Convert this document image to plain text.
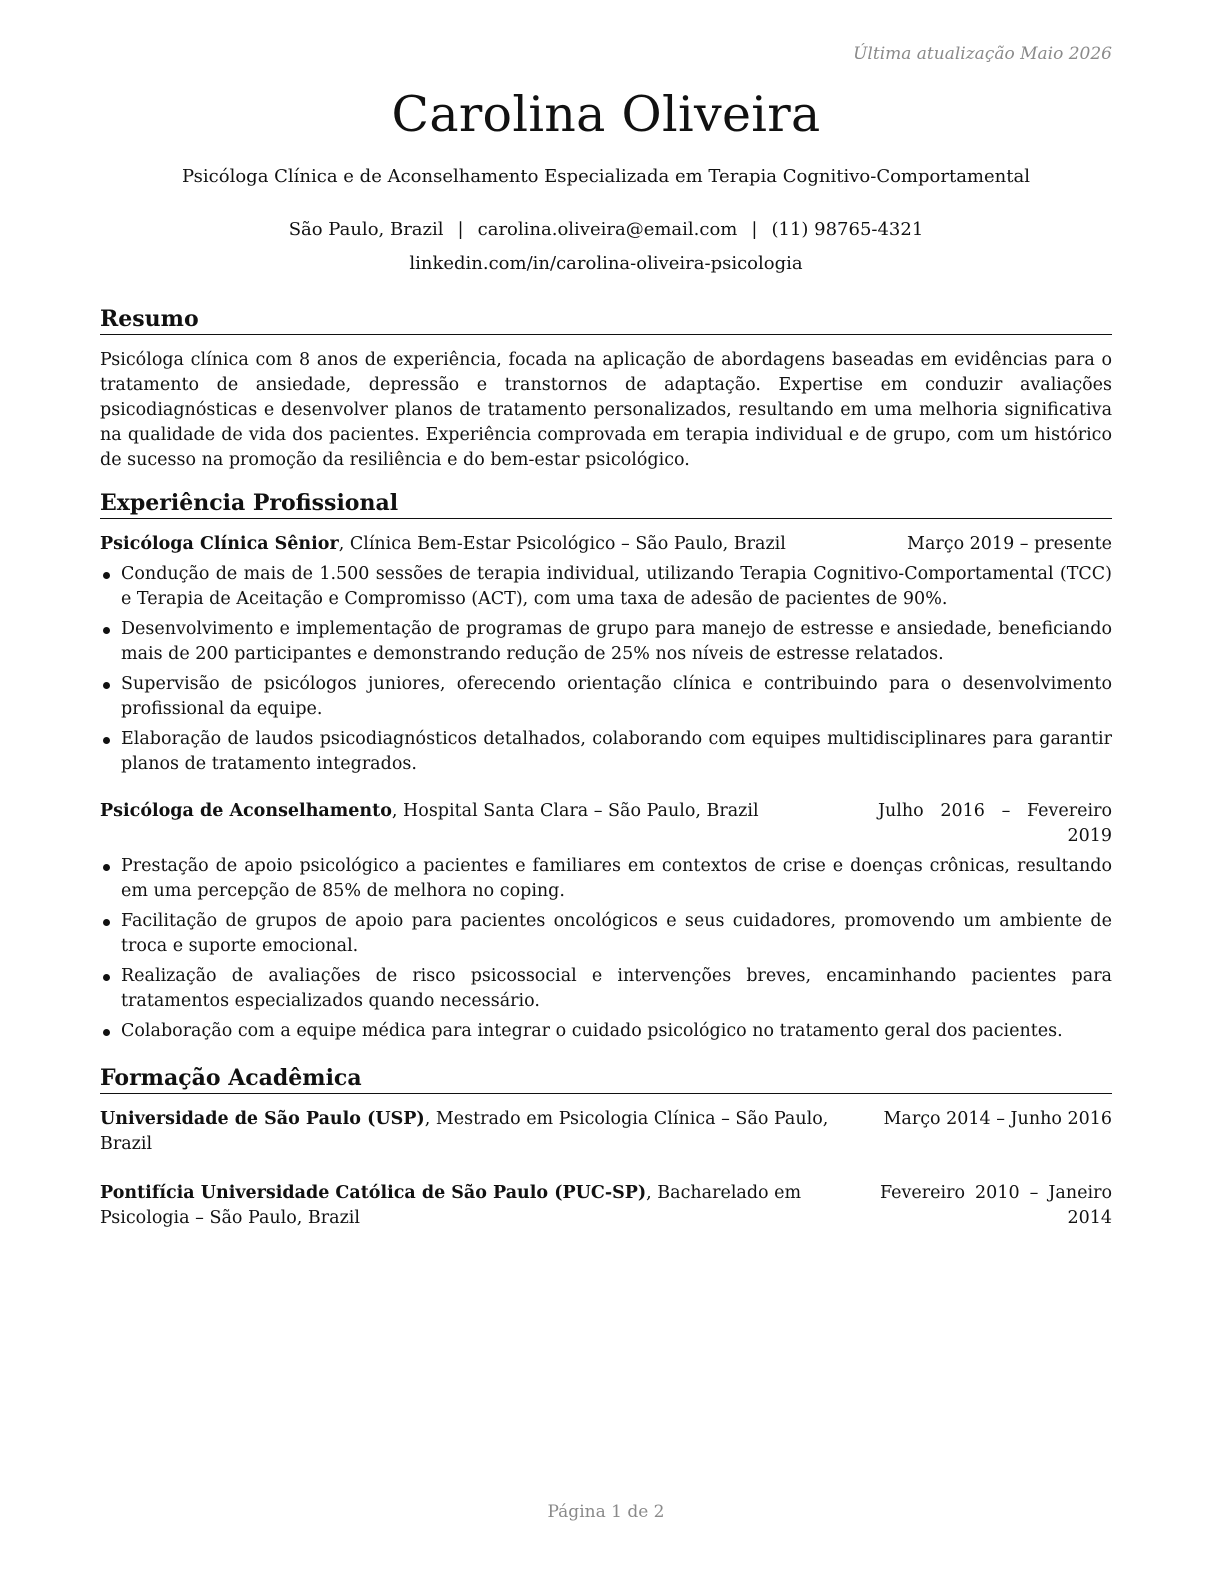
Última atualização Maio 2026
Carolina Oliveira
Psicóloga Clínica e de Aconselhamento Especializada em Terapia Cognitivo-Comportamental
São Paulo, Brazil | carolina.oliveira@email.com | (11) 98765-4321
linkedin.com/in/carolina-oliveira-psicologia
Resumo
Psicóloga clínica com 8 anos de experiência, focada na aplicação de abordagens baseadas em evidências para o tratamento de ansiedade, depressão e transtornos de adaptação. Expertise em conduzir avaliações psicodiagnósticas e desenvolver planos de tratamento personalizados, resultando em uma melhoria significativa na qualidade de vida dos pacientes. Experiência comprovada em terapia individual e de grupo, com um histórico de sucesso na promoção da resiliência e do bem-estar psicológico.
Experiência Profissional
Psicóloga Clínica Sênior, Clínica Bem-Estar Psicológico – São Paulo, Brazil	Março 2019 – presente
Condução de mais de 1.500 sessões de terapia individual, utilizando Terapia Cognitivo-Comportamental (TCC) e Terapia de Aceitação e Compromisso (ACT), com uma taxa de adesão de pacientes de 90%.
Desenvolvimento e implementação de programas de grupo para manejo de estresse e ansiedade, beneficiando mais de 200 participantes e demonstrando redução de 25% nos níveis de estresse relatados.
Supervisão de psicólogos juniores, oferecendo orientação clínica e contribuindo para o desenvolvimento profissional da equipe.
Elaboração de laudos psicodiagnósticos detalhados, colaborando com equipes multidisciplinares para garantir planos de tratamento integrados.
Psicóloga de Aconselhamento, Hospital Santa Clara – São Paulo, Brazil	Julho 2016 – Fevereiro 2019
Prestação de apoio psicológico a pacientes e familiares em contextos de crise e doenças crônicas, resultando em uma percepção de 85% de melhora no coping.
Facilitação de grupos de apoio para pacientes oncológicos e seus cuidadores, promovendo um ambiente de troca e suporte emocional.
Realização de avaliações de risco psicossocial e intervenções breves, encaminhando pacientes para tratamentos especializados quando necessário.
Colaboração com a equipe médica para integrar o cuidado psicológico no tratamento geral dos pacientes.
Formação Acadêmica
Universidade de São Paulo (USP), Mestrado em Psicologia Clínica – São Paulo, Brazil
Março 2014 – Junho 2016
Pontifícia Universidade Católica de São Paulo (PUC-SP), Bacharelado em Psicologia – São Paulo, Brazil
Fevereiro 2010 – Janeiro 2014
Página 1 de 2
